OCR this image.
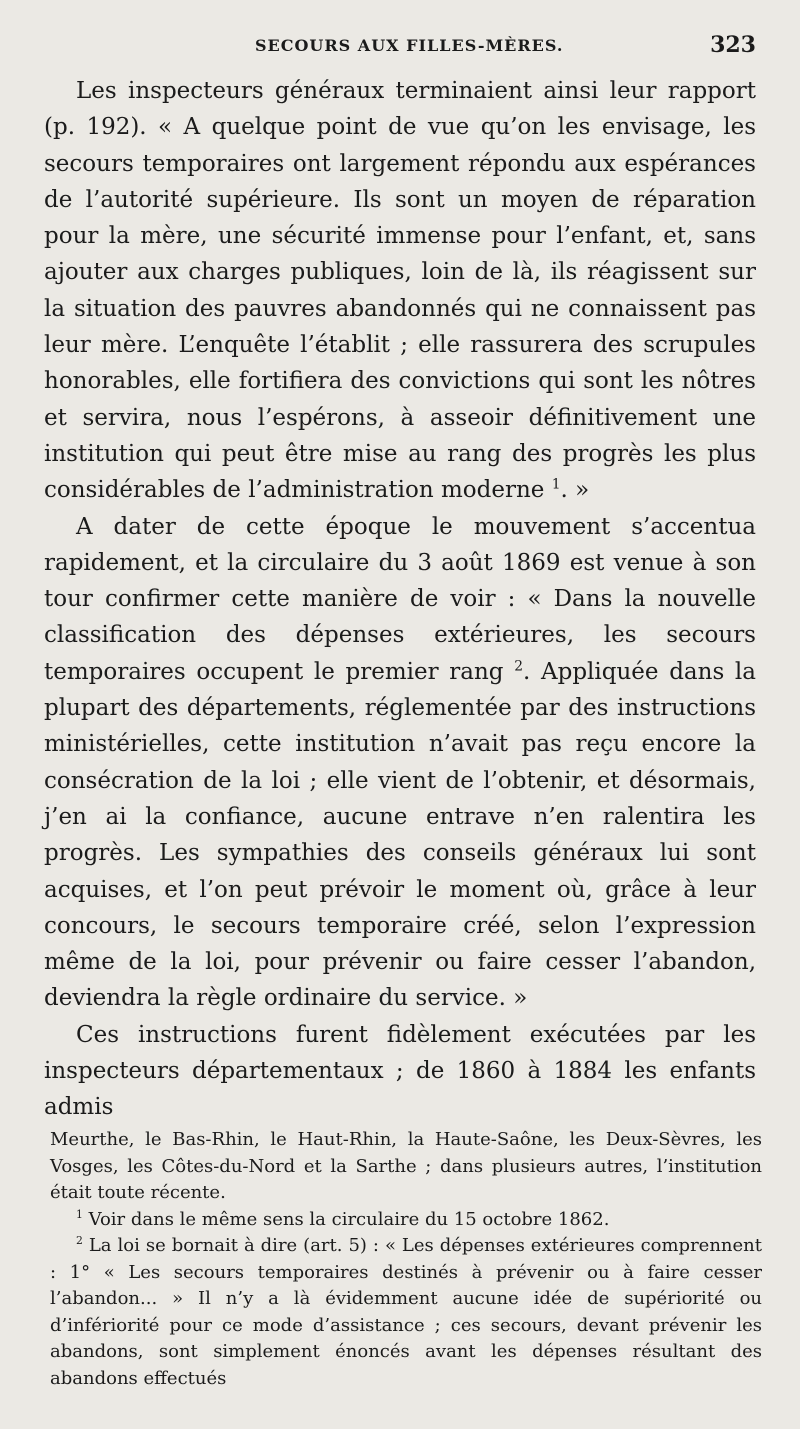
SECOURS AUX FILLES-MÈRES.	323

Les inspecteurs généraux terminaient ainsi leur rapport (p. 192). « A quelque point de vue qu’on les envisage, les secours temporaires ont largement répondu aux espérances de l’autorité supérieure. Ils sont un moyen de réparation pour la mère, une sécurité immense pour l’enfant, et, sans ajouter aux charges publiques, loin de là, ils réagissent sur la situation des pauvres abandonnés qui ne connaissent pas leur mère. L’enquête l’établit ; elle rassurera des scrupules honorables, elle fortifiera des convictions qui sont les nôtres et servira, nous l’espérons, à asseoir définitivement une institution qui peut être mise au rang des progrès les plus considérables de l’administration moderne $^1$. »

A dater de cette époque le mouvement s’accentua rapidement, et la circulaire du 3 août 1869 est venue à son tour confirmer cette manière de voir : « Dans la nouvelle classification des dépenses extérieures, les secours temporaires occupent le premier rang $^2$. Appliquée dans la plupart des départements, réglementée par des instructions ministérielles, cette institution n’avait pas reçu encore la consécration de la loi ; elle vient de l’obtenir, et désormais, j’en ai la confiance, aucune entrave n’en ralentira les progrès. Les sympathies des conseils généraux lui sont acquises, et l’on peut prévoir le moment où, grâce à leur concours, le secours temporaire créé, selon l’expression même de la loi, pour prévenir ou faire cesser l’abandon, deviendra la règle ordinaire du service. »

Ces instructions furent fidèlement exécutées par les inspecteurs départementaux ; de 1860 à 1884 les enfants admis

Meurthe, le Bas-Rhin, le Haut-Rhin, la Haute-Saône, les Deux-Sèvres, les Vosges, les Côtes-du-Nord et la Sarthe ; dans plusieurs autres, l’institution était toute récente.

$^1$ Voir dans le même sens la circulaire du 15 octobre 1862.

$^2$ La loi se bornait à dire (art. 5) : « Les dépenses extérieures comprennent : 1° « Les secours temporaires destinés à prévenir ou à faire cesser l’abandon... » Il n’y a là évidemment aucune idée de supériorité ou d’infériorité pour ce mode d’assistance ; ces secours, devant prévenir les abandons, sont simplement énoncés avant les dépenses résultant des abandons effectués
